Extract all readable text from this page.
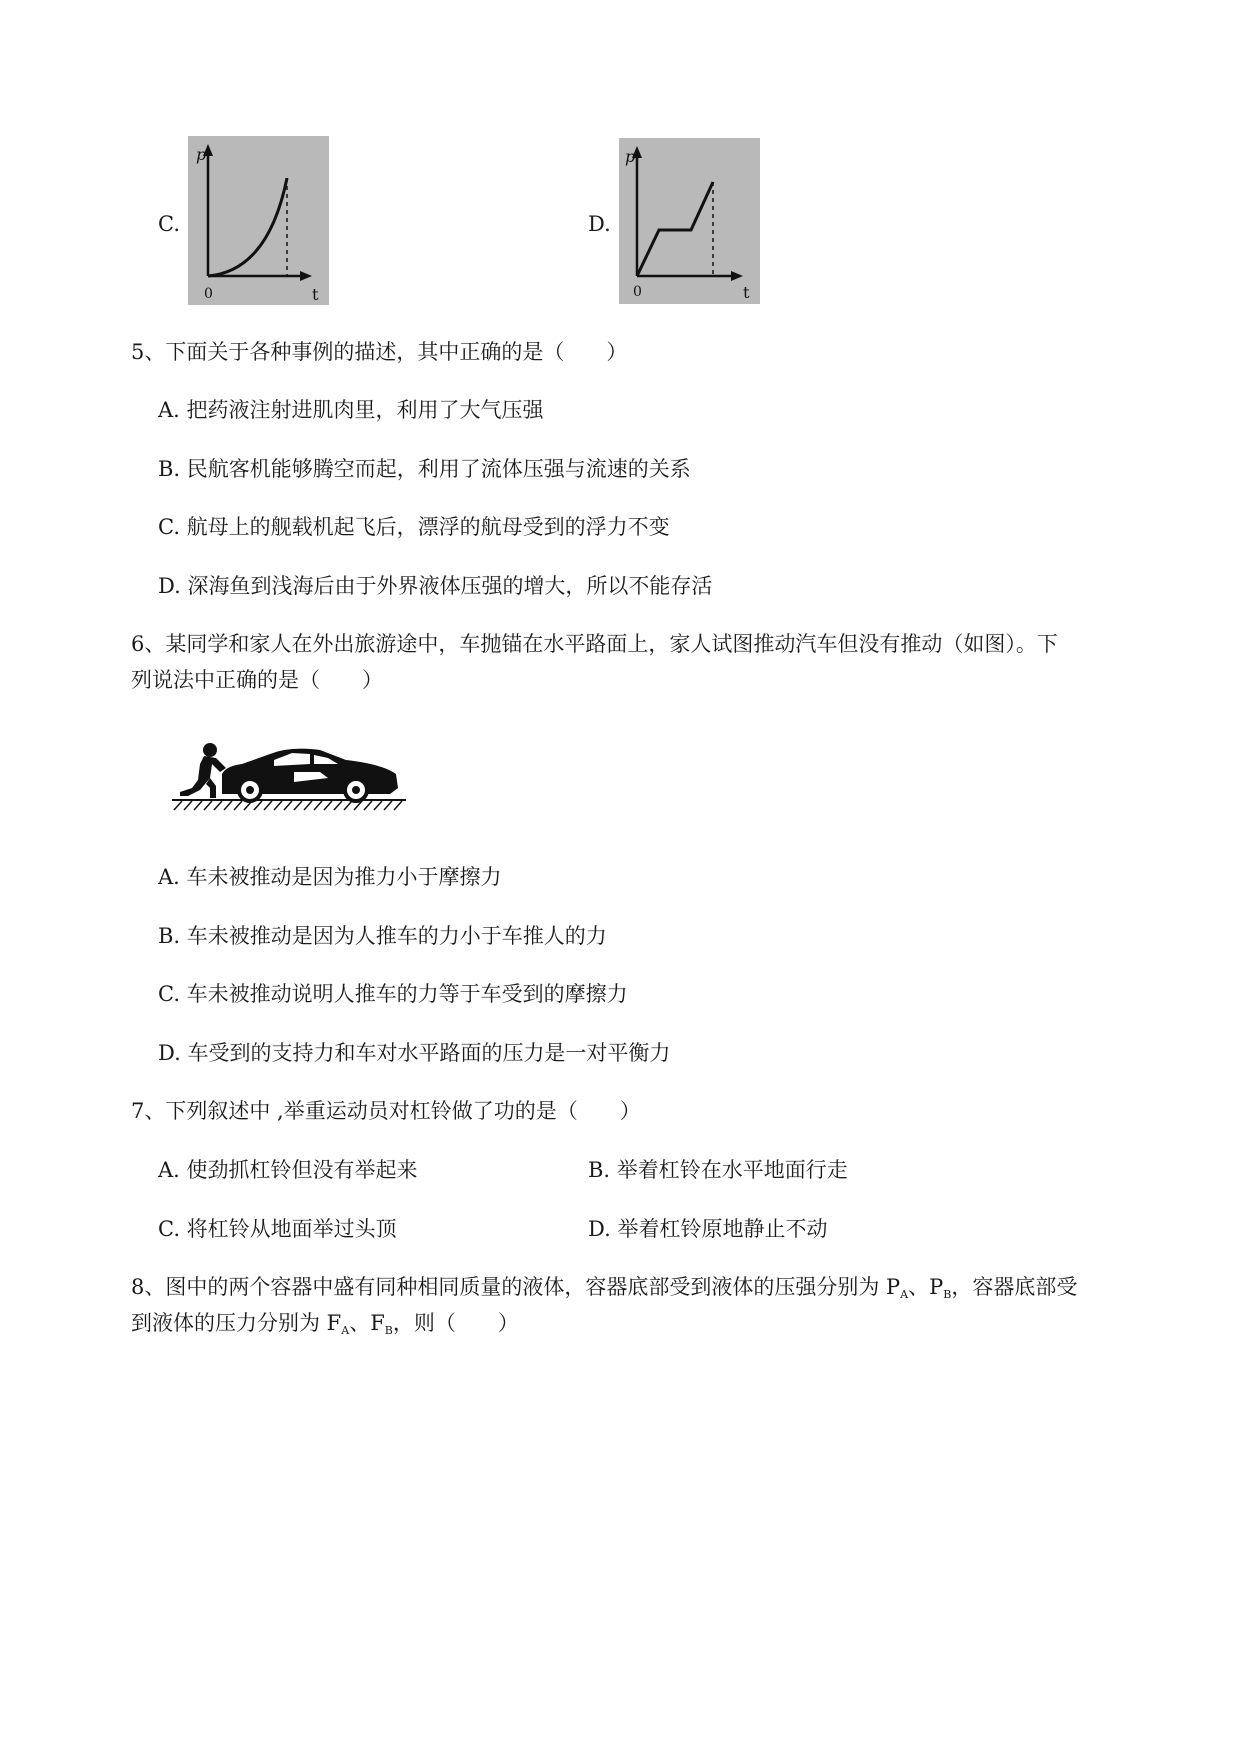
C.
p
0	t
D.
p
0	t
5、下面关于各种事例的描述，其中正确的是（　　）
A. 把药液注射进肌肉里，利用了大气压强
B. 民航客机能够腾空而起，利用了流体压强与流速的关系
C. 航母上的舰载机起飞后，漂浮的航母受到的浮力不变
D. 深海鱼到浅海后由于外界液体压强的增大，所以不能存活
6、某同学和家人在外出旅游途中，车抛锚在水平路面上，家人试图推动汽车但没有推动（如图）。下
列说法中正确的是（　　）
A. 车未被推动是因为推力小于摩擦力
B. 车未被推动是因为人推车的力小于车推人的力
C. 车未被推动说明人推车的力等于车受到的摩擦力
D. 车受到的支持力和车对水平路面的压力是一对平衡力
7、下列叙述中 ,举重运动员对杠铃做了功的是（　　）
A. 使劲抓杠铃但没有举起来	B. 举着杠铃在水平地面行走
C. 将杠铃从地面举过头顶	D. 举着杠铃原地静止不动
8、图中的两个容器中盛有同种相同质量的液体，容器底部受到液体的压强分别为 $P_A$、$P_B$，容器底部受
到液体的压力分别为 $F_A$、$F_B$，则（　　）
